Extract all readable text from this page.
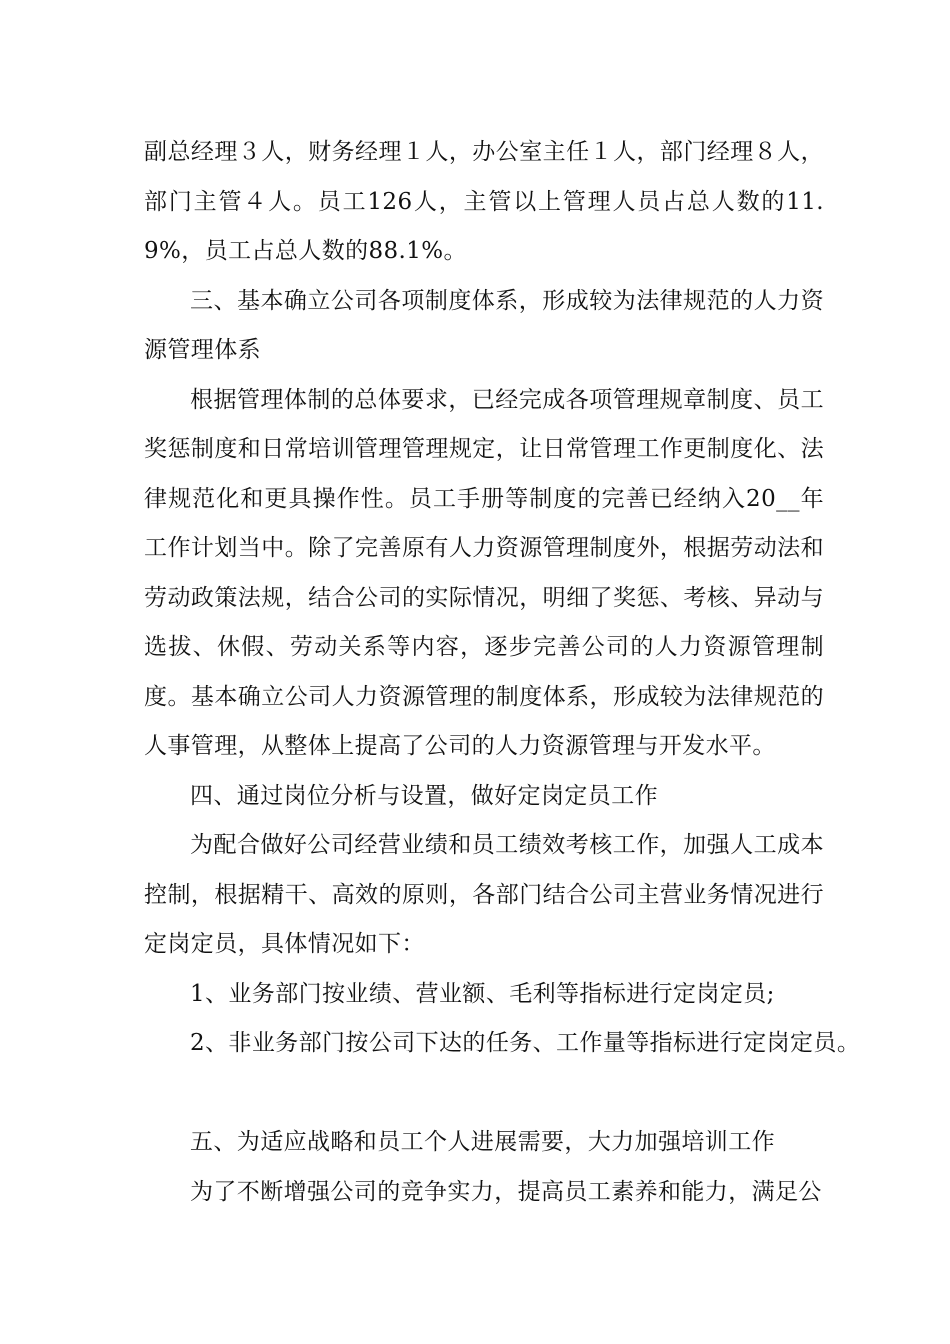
副总经理３人，财务经理１人，办公室主任１人，部门经理８人，部门主管４人。员工126人，主管以上管理人员占总人数的11.9%，员工占总人数的88.1%。

三、基本确立公司各项制度体系，形成较为法律规范的人力资源管理体系

根据管理体制的总体要求，已经完成各项管理规章制度、员工奖惩制度和日常培训管理管理规定，让日常管理工作更制度化、法律规范化和更具操作性。员工手册等制度的完善已经纳入20__年工作计划当中。除了完善原有人力资源管理制度外，根据劳动法和劳动政策法规，结合公司的实际情况，明细了奖惩、考核、异动与选拔、休假、劳动关系等内容，逐步完善公司的人力资源管理制度。基本确立公司人力资源管理的制度体系，形成较为法律规范的人事管理，从整体上提高了公司的人力资源管理与开发水平。

四、通过岗位分析与设置，做好定岗定员工作

为配合做好公司经营业绩和员工绩效考核工作，加强人工成本控制，根据精干、高效的原则，各部门结合公司主营业务情况进行定岗定员，具体情况如下：

1、业务部门按业绩、营业额、毛利等指标进行定岗定员;

2、非业务部门按公司下达的任务、工作量等指标进行定岗定员。

五、为适应战略和员工个人进展需要，大力加强培训工作

为了不断增强公司的竞争实力，提高员工素养和能力，满足公
